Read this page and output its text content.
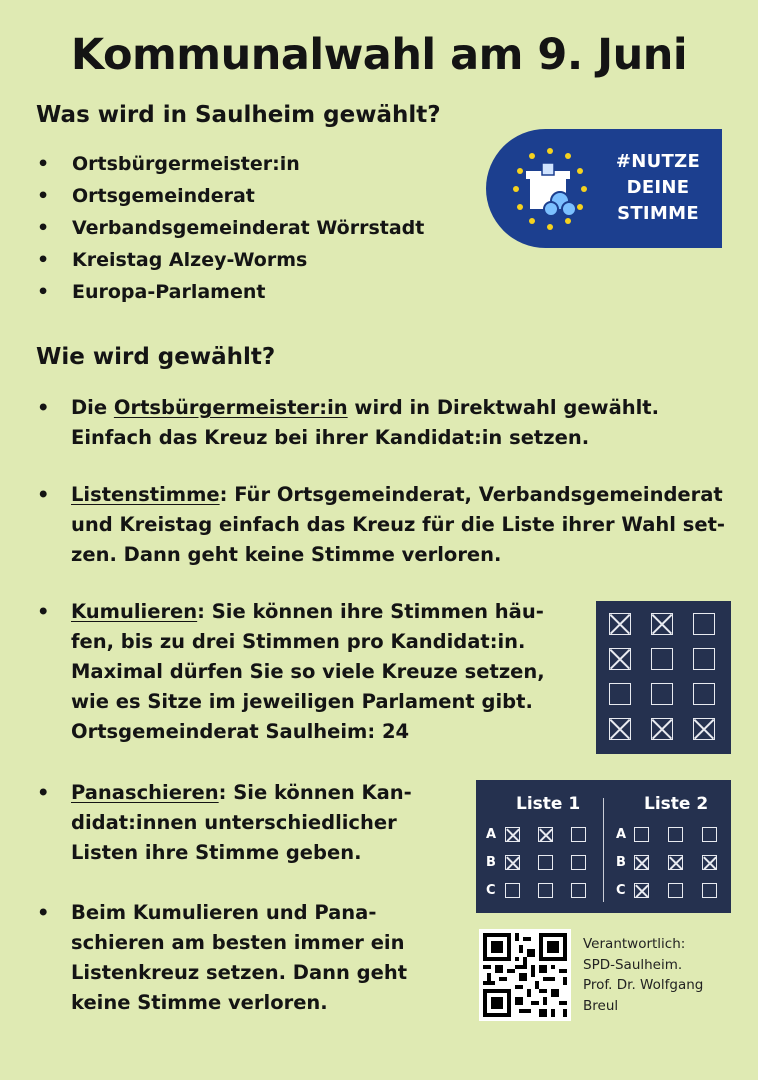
Kommunalwahl am 9. Juni
Was wird in Saulheim gewählt?
• Ortsbürgermeister:in
• Ortsgemeinderat
• Verbandsgemeinderat Wörrstadt
• Kreistag Alzey-Worms
• Europa-Parlament
#NUTZE
DEINE
STIMME
Wie wird gewählt?
• Die Ortsbürgermeister:in wird in Direktwahl gewählt.
Einfach das Kreuz bei ihrer Kandidat:in setzen.
• Listenstimme: Für Ortsgemeinderat, Verbandsgemeinderat
und Kreistag einfach das Kreuz für die Liste ihrer Wahl set-
zen. Dann geht keine Stimme verloren.
• Kumulieren: Sie können ihre Stimmen häu-
fen, bis zu drei Stimmen pro Kandidat:in.
Maximal dürfen Sie so viele Kreuze setzen,
wie es Sitze im jeweiligen Parlament gibt.
Ortsgemeinderat Saulheim: 24
• Panaschieren: Sie können Kan-
didat:innen unterschiedlicher
Listen ihre Stimme geben.
Liste 1	Liste 2
A
B
C
A
B
C
• Beim Kumulieren und Pana-
schieren am besten immer ein
Listenkreuz setzen. Dann geht
keine Stimme verloren.
Verantwortlich:
SPD-Saulheim.
Prof. Dr. Wolfgang
Breul
